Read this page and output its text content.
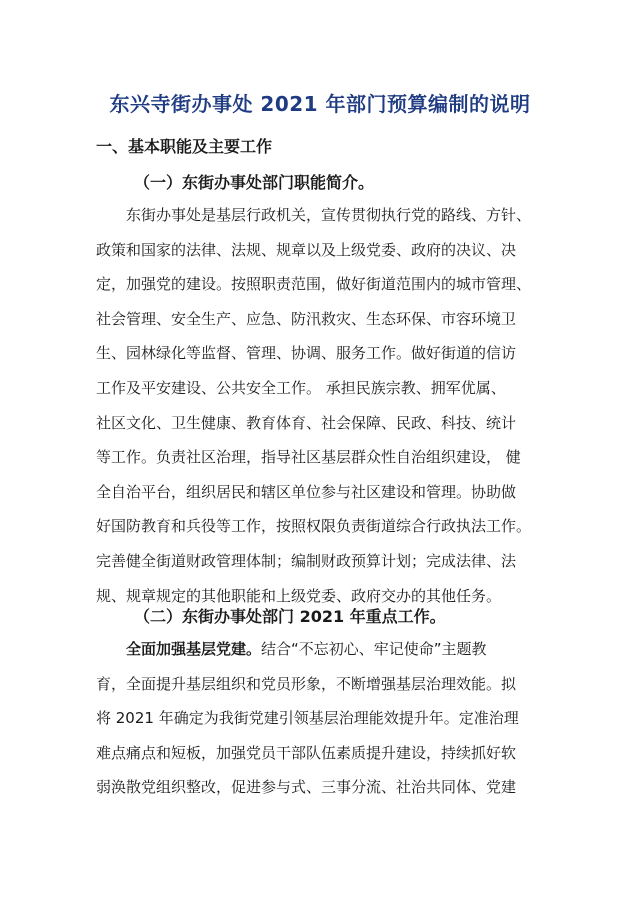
东兴寺街办事处 2021 年部门预算编制的说明
一、基本职能及主要工作
（一）东街办事处部门职能简介。
东街办事处是基层行政机关，宣传贯彻执行党的路线、方针、
政策和国家的法律、法规、规章以及上级党委、政府的决议、决
定，加强党的建设。按照职责范围，做好街道范围内的城市管理、
社会管理、安全生产、应急、防汛救灾、生态环保、市容环境卫
生、园林绿化等监督、管理、协调、服务工作。做好街道的信访
工作及平安建设、公共安全工作。 承担民族宗教、拥军优属、
社区文化、卫生健康、教育体育、社会保障、民政、科技、统计
等工作。负责社区治理，指导社区基层群众性自治组织建设， 健
全自治平台，组织居民和辖区单位参与社区建设和管理。协助做
好国防教育和兵役等工作，按照权限负责街道综合行政执法工作。
完善健全街道财政管理体制；编制财政预算计划；完成法律、法
规、规章规定的其他职能和上级党委、政府交办的其他任务。
（二）东街办事处部门 2021 年重点工作。
全面加强基层党建。结合“不忘初心、牢记使命”主题教
育，全面提升基层组织和党员形象，不断增强基层治理效能。拟
将 2021 年确定为我街党建引领基层治理能效提升年。定准治理
难点痛点和短板，加强党员干部队伍素质提升建设，持续抓好软
弱涣散党组织整改，促进参与式、三事分流、社治共同体、党建
